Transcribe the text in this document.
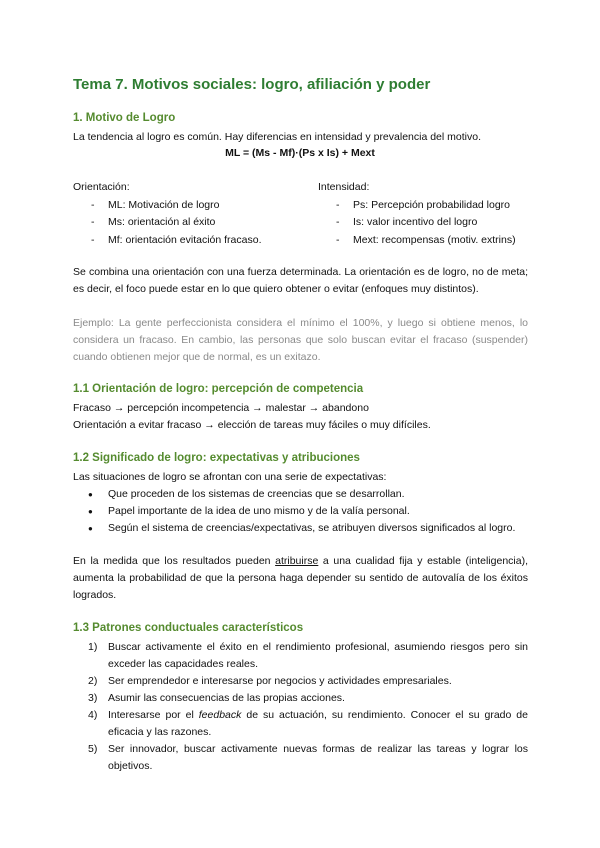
Tema 7. Motivos sociales: logro, afiliación y poder
1. Motivo de Logro
La tendencia al logro es común. Hay diferencias en intensidad y prevalencia del motivo.
ML = (Ms - Mf)·(Ps x Is) + Mext
Orientación:
- ML: Motivación de logro
- Ms: orientación al éxito
- Mf: orientación evitación fracaso.
Intensidad:
- Ps: Percepción probabilidad logro
- Is: valor incentivo del logro
- Mext: recompensas (motiv. extrins)
Se combina una orientación con una fuerza determinada. La orientación es de logro, no de meta; es decir, el foco puede estar en lo que quiero obtener o evitar (enfoques muy distintos).
Ejemplo: La gente perfeccionista considera el mínimo el 100%, y luego si obtiene menos, lo considera un fracaso. En cambio, las personas que solo buscan evitar el fracaso (suspender) cuando obtienen mejor que de normal, es un exitazo.
1.1 Orientación de logro: percepción de competencia
Fracaso → percepción incompetencia → malestar → abandono
Orientación a evitar fracaso → elección de tareas muy fáciles o muy difíciles.
1.2 Significado de logro: expectativas y atribuciones
Las situaciones de logro se afrontan con una serie de expectativas:
● Que proceden de los sistemas de creencias que se desarrollan.
● Papel importante de la idea de uno mismo y de la valía personal.
● Según el sistema de creencias/expectativas, se atribuyen diversos significados al logro.
En la medida que los resultados pueden atribuirse a una cualidad fija y estable (inteligencia), aumenta la probabilidad de que la persona haga depender su sentido de autovalía de los éxitos logrados.
1.3 Patrones conductuales característicos
1) Buscar activamente el éxito en el rendimiento profesional, asumiendo riesgos pero sin exceder las capacidades reales.
2) Ser emprendedor e interesarse por negocios y actividades empresariales.
3) Asumir las consecuencias de las propias acciones.
4) Interesarse por el feedback de su actuación, su rendimiento. Conocer el su grado de eficacia y las razones.
5) Ser innovador, buscar activamente nuevas formas de realizar las tareas y lograr los objetivos.
